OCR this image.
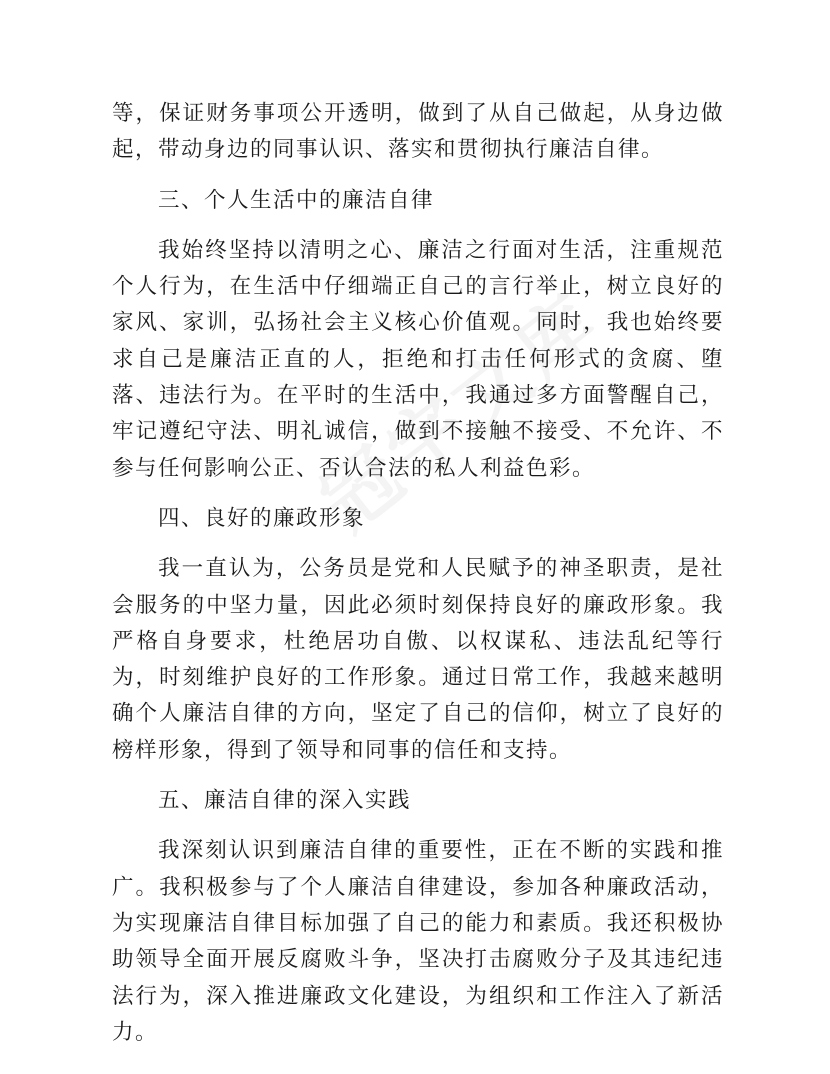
等，保证财务事项公开透明，做到了从自己做起，从身边做起，带动身边的同事认识、落实和贯彻执行廉洁自律。

三、个人生活中的廉洁自律

我始终坚持以清明之心、廉洁之行面对生活，注重规范个人行为，在生活中仔细端正自己的言行举止，树立良好的家风、家训，弘扬社会主义核心价值观。同时，我也始终要求自己是廉洁正直的人，拒绝和打击任何形式的贪腐、堕落、违法行为。在平时的生活中，我通过多方面警醒自己，牢记遵纪守法、明礼诚信，做到不接触不接受、不允许、不参与任何影响公正、否认合法的私人利益色彩。

四、良好的廉政形象

我一直认为，公务员是党和人民赋予的神圣职责，是社会服务的中坚力量，因此必须时刻保持良好的廉政形象。我严格自身要求，杜绝居功自傲、以权谋私、违法乱纪等行为，时刻维护良好的工作形象。通过日常工作，我越来越明确个人廉洁自律的方向，坚定了自己的信仰，树立了良好的榜样形象，得到了领导和同事的信任和支持。

五、廉洁自律的深入实践

我深刻认识到廉洁自律的重要性，正在不断的实践和推广。我积极参与了个人廉洁自律建设，参加各种廉政活动，为实现廉洁自律目标加强了自己的能力和素质。我还积极协助领导全面开展反腐败斗争，坚决打击腐败分子及其违纪违法行为，深入推进廉政文化建设，为组织和工作注入了新活力。
